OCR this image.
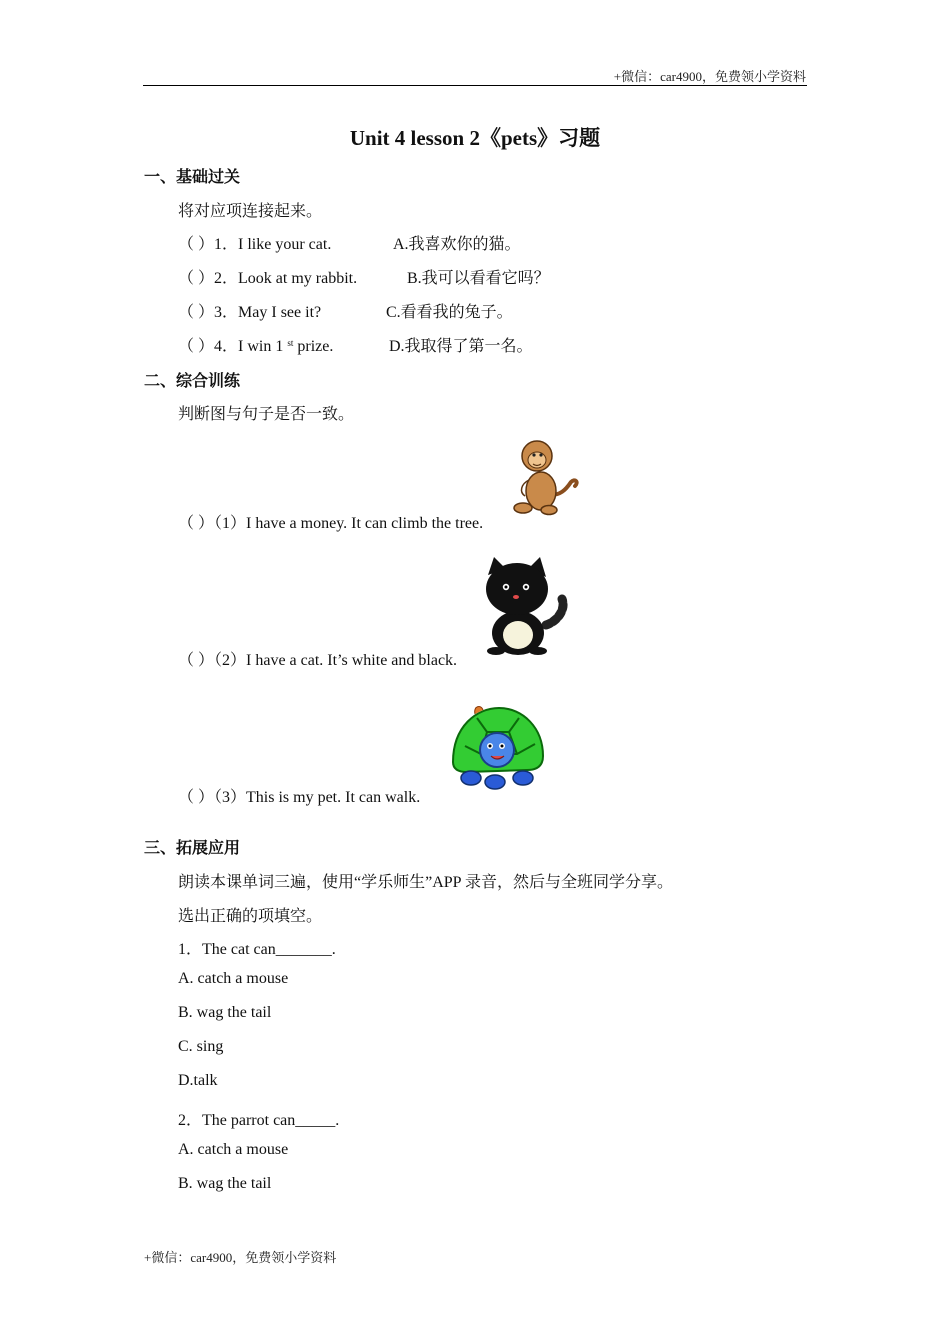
+微信：car4900，免费领小学资料
Unit 4 lesson 2《pets》习题
一、基础过关
将对应项连接起来。
（ ）1．I like your cat.	A.我喜欢你的猫。
（ ）2．Look at my rabbit.	B.我可以看看它吗？
（ ）3．May I see it?	C.看看我的兔子。
（ ）4．I win 1 $^{st}$ prize.	D.我取得了第一名。
二、综合训练
判断图与句子是否一致。
（ ）（1）I have a money. It can climb the tree.
（ ）（2）I have a cat. It’s white and black.
（ ）（3）This is my pet. It can walk.
三、拓展应用
朗读本课单词三遍，使用“学乐师生”APP 录音，然后与全班同学分享。
选出正确的项填空。
1．The cat can_______.
A. catch a mouse
B. wag the tail
C. sing
D.talk
2．The parrot can_____.
A. catch a mouse
B. wag the tail
+微信：car4900，免费领小学资料
